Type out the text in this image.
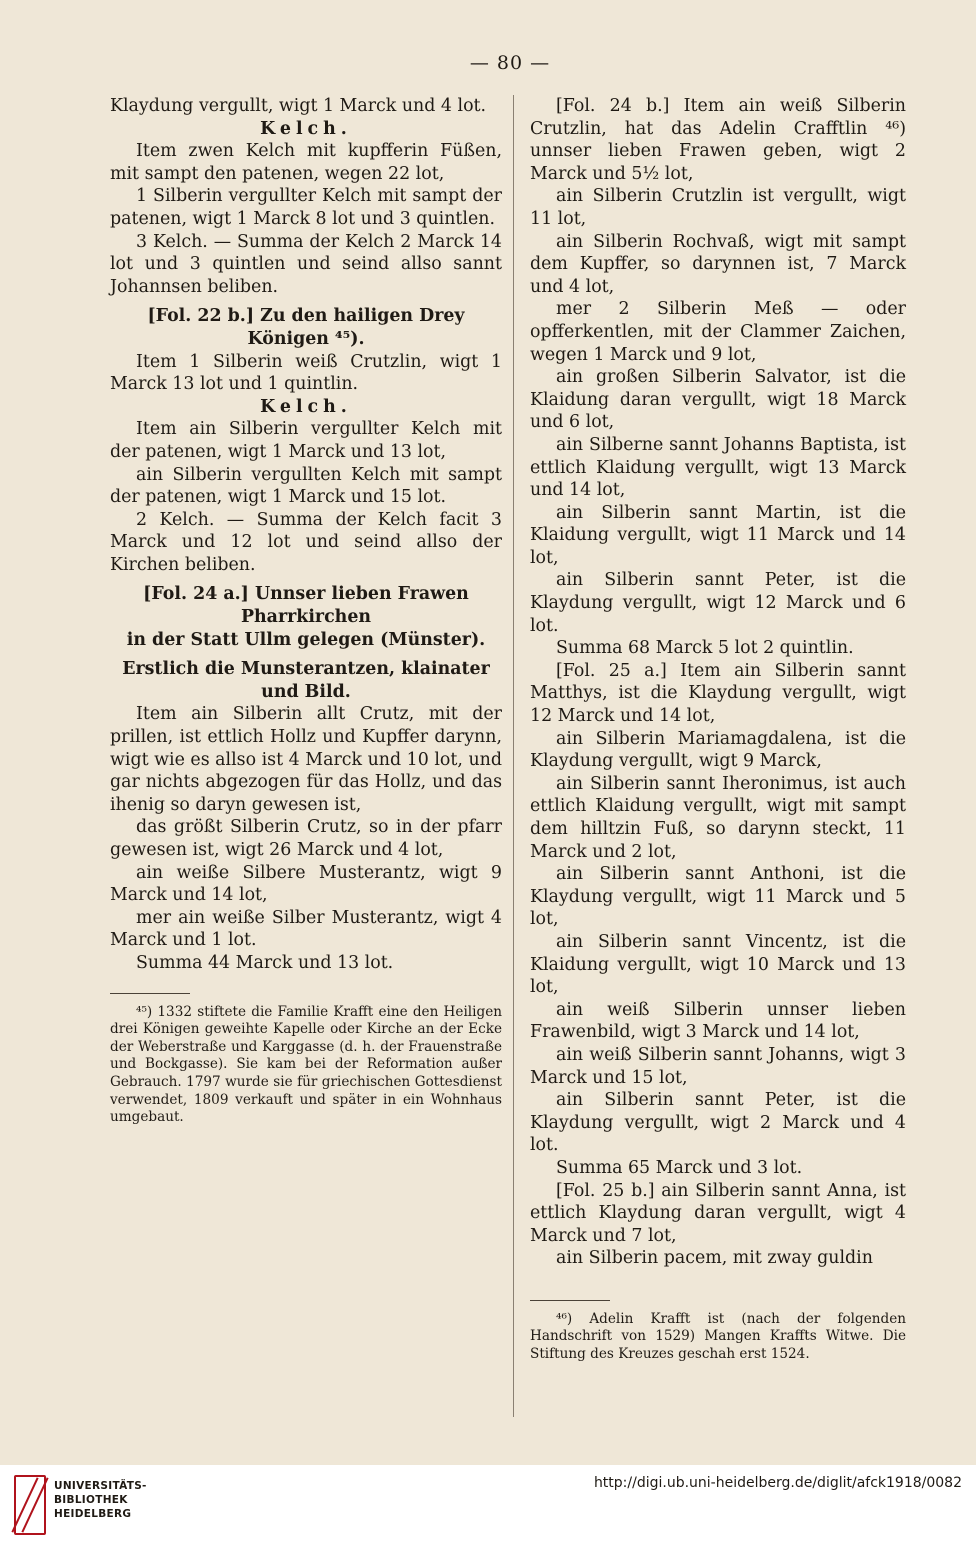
— 80 —

Klaydung vergullt, wigt 1 Marck und 4 lot.

Kelch.

Item zwen Kelch mit kupfferin Füßen, mit sampt den patenen, wegen 22 lot,

1 Silberin vergullter Kelch mit sampt der patenen, wigt 1 Marck 8 lot und 3 quintlen.

3 Kelch. — Summa der Kelch 2 Marck 14 lot und 3 quintlen und seind allso sannt Johannsen beliben.

[Fol. 22 b.] Zu den hailigen Drey Königen ⁴⁵).

Item 1 Silberin weiß Crutzlin, wigt 1 Marck 13 lot und 1 quintlin.

Kelch.

Item ain Silberin vergullter Kelch mit der patenen, wigt 1 Marck und 13 lot,

ain Silberin vergullten Kelch mit sampt der patenen, wigt 1 Marck und 15 lot.

2 Kelch. — Summa der Kelch facit 3 Marck und 12 lot und seind allso der Kirchen beliben.

[Fol. 24 a.] Unnser lieben Frawen Pharrkirchen
in der Statt Ullm gelegen (Münster).
Erstlich die Munsterantzen, klainater und Bild.

Item ain Silberin allt Crutz, mit der prillen, ist ettlich Hollz und Kupffer darynn, wigt wie es allso ist 4 Marck und 10 lot, und gar nichts abgezogen für das Hollz, und das ihenig so daryn gewesen ist,

das größt Silberin Crutz, so in der pfarr gewesen ist, wigt 26 Marck und 4 lot,

ain weiße Silbere Musterantz, wigt 9 Marck und 14 lot,

mer ain weiße Silber Musterantz, wigt 4 Marck und 1 lot.

Summa 44 Marck und 13 lot.

⁴⁵) 1332 stiftete die Familie Krafft eine den Heiligen drei Königen geweihte Kapelle oder Kirche an der Ecke der Weberstraße und Karggasse (d. h. der Frauenstraße und Bockgasse). Sie kam bei der Reformation außer Gebrauch. 1797 wurde sie für griechischen Gottesdienst verwendet, 1809 verkauft und später in ein Wohnhaus umgebaut.

[Fol. 24 b.] Item ain weiß Silberin Crutzlin, hat das Adelin Crafftlin ⁴⁶) unnser lieben Frawen geben, wigt 2 Marck und 5½ lot,

ain Silberin Crutzlin ist vergullt, wigt 11 lot,

ain Silberin Rochvaß, wigt mit sampt dem Kupffer, so darynnen ist, 7 Marck und 4 lot,

mer 2 Silberin Meß — oder opfferkentlen, mit der Clammer Zaichen, wegen 1 Marck und 9 lot,

ain großen Silberin Salvator, ist die Klaidung daran vergullt, wigt 18 Marck und 6 lot,

ain Silberne sannt Johanns Baptista, ist ettlich Klaidung vergullt, wigt 13 Marck und 14 lot,

ain Silberin sannt Martin, ist die Klaidung vergullt, wigt 11 Marck und 14 lot,

ain Silberin sannt Peter, ist die Klaydung vergullt, wigt 12 Marck und 6 lot.

Summa 68 Marck 5 lot 2 quintlin.

[Fol. 25 a.] Item ain Silberin sannt Matthys, ist die Klaydung vergullt, wigt 12 Marck und 14 lot,

ain Silberin Mariamagdalena, ist die Klaydung vergullt, wigt 9 Marck,

ain Silberin sannt Iheronimus, ist auch ettlich Klaidung vergullt, wigt mit sampt dem hilltzin Fuß, so darynn steckt, 11 Marck und 2 lot,

ain Silberin sannt Anthoni, ist die Klaydung vergullt, wigt 11 Marck und 5 lot,

ain Silberin sannt Vincentz, ist die Klaidung vergullt, wigt 10 Marck und 13 lot,

ain weiß Silberin unnser lieben Frawenbild, wigt 3 Marck und 14 lot,

ain weiß Silberin sannt Johanns, wigt 3 Marck und 15 lot,

ain Silberin sannt Peter, ist die Klaydung vergullt, wigt 2 Marck und 4 lot.

Summa 65 Marck und 3 lot.

[Fol. 25 b.] ain Silberin sannt Anna, ist ettlich Klaydung daran vergullt, wigt 4 Marck und 7 lot,

ain Silberin pacem, mit zway guldin

⁴⁶) Adelin Krafft ist (nach der folgenden Handschrift von 1529) Mangen Kraffts Witwe. Die Stiftung des Kreuzes geschah erst 1524.

UNIVERSITÄTS-
BIBLIOTHEK
HEIDELBERG
http://digi.ub.uni-heidelberg.de/diglit/afck1918/0082
